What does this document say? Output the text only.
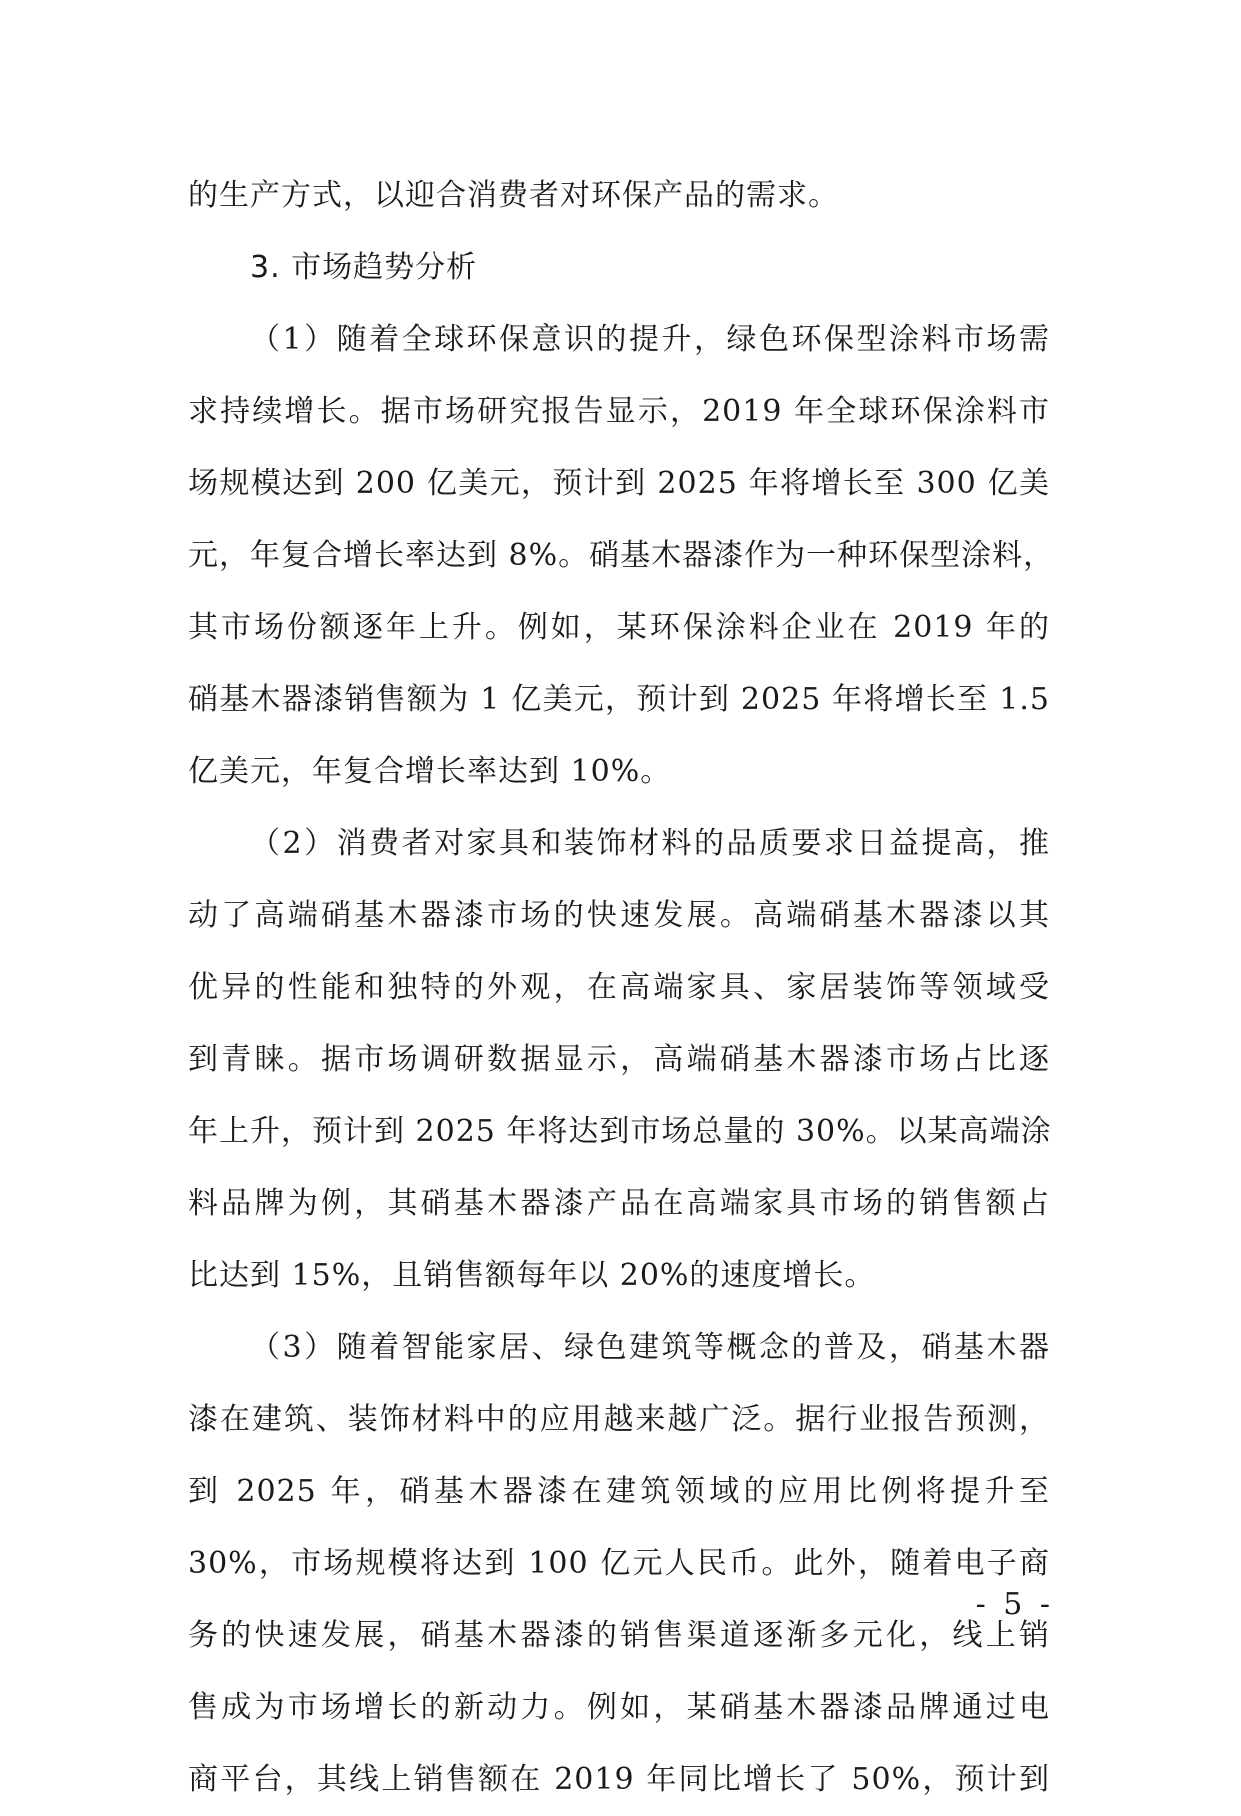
的生产方式，以迎合消费者对环保产品的需求。
3. 市场趋势分析
（1）随着全球环保意识的提升，绿色环保型涂料市场需
求持续增长。据市场研究报告显示，2019 年全球环保涂料市
场规模达到 200 亿美元，预计到 2025 年将增长至 300 亿美
元，年复合增长率达到 8%。硝基木器漆作为一种环保型涂料，
其市场份额逐年上升。例如，某环保涂料企业在 2019 年的
硝基木器漆销售额为 1 亿美元，预计到 2025 年将增长至 1.5
亿美元，年复合增长率达到 10%。
（2）消费者对家具和装饰材料的品质要求日益提高，推
动了高端硝基木器漆市场的快速发展。高端硝基木器漆以其
优异的性能和独特的外观，在高端家具、家居装饰等领域受
到青睐。据市场调研数据显示，高端硝基木器漆市场占比逐
年上升，预计到 2025 年将达到市场总量的 30%。以某高端涂
料品牌为例，其硝基木器漆产品在高端家具市场的销售额占
比达到 15%，且销售额每年以 20%的速度增长。
（3）随着智能家居、绿色建筑等概念的普及，硝基木器
漆在建筑、装饰材料中的应用越来越广泛。据行业报告预测，
到 2025 年，硝基木器漆在建筑领域的应用比例将提升至
30%，市场规模将达到 100 亿元人民币。此外，随着电子商
务的快速发展，硝基木器漆的销售渠道逐渐多元化，线上销
售成为市场增长的新动力。例如，某硝基木器漆品牌通过电
商平台，其线上销售额在 2019 年同比增长了 50%，预计到
- 5 -
